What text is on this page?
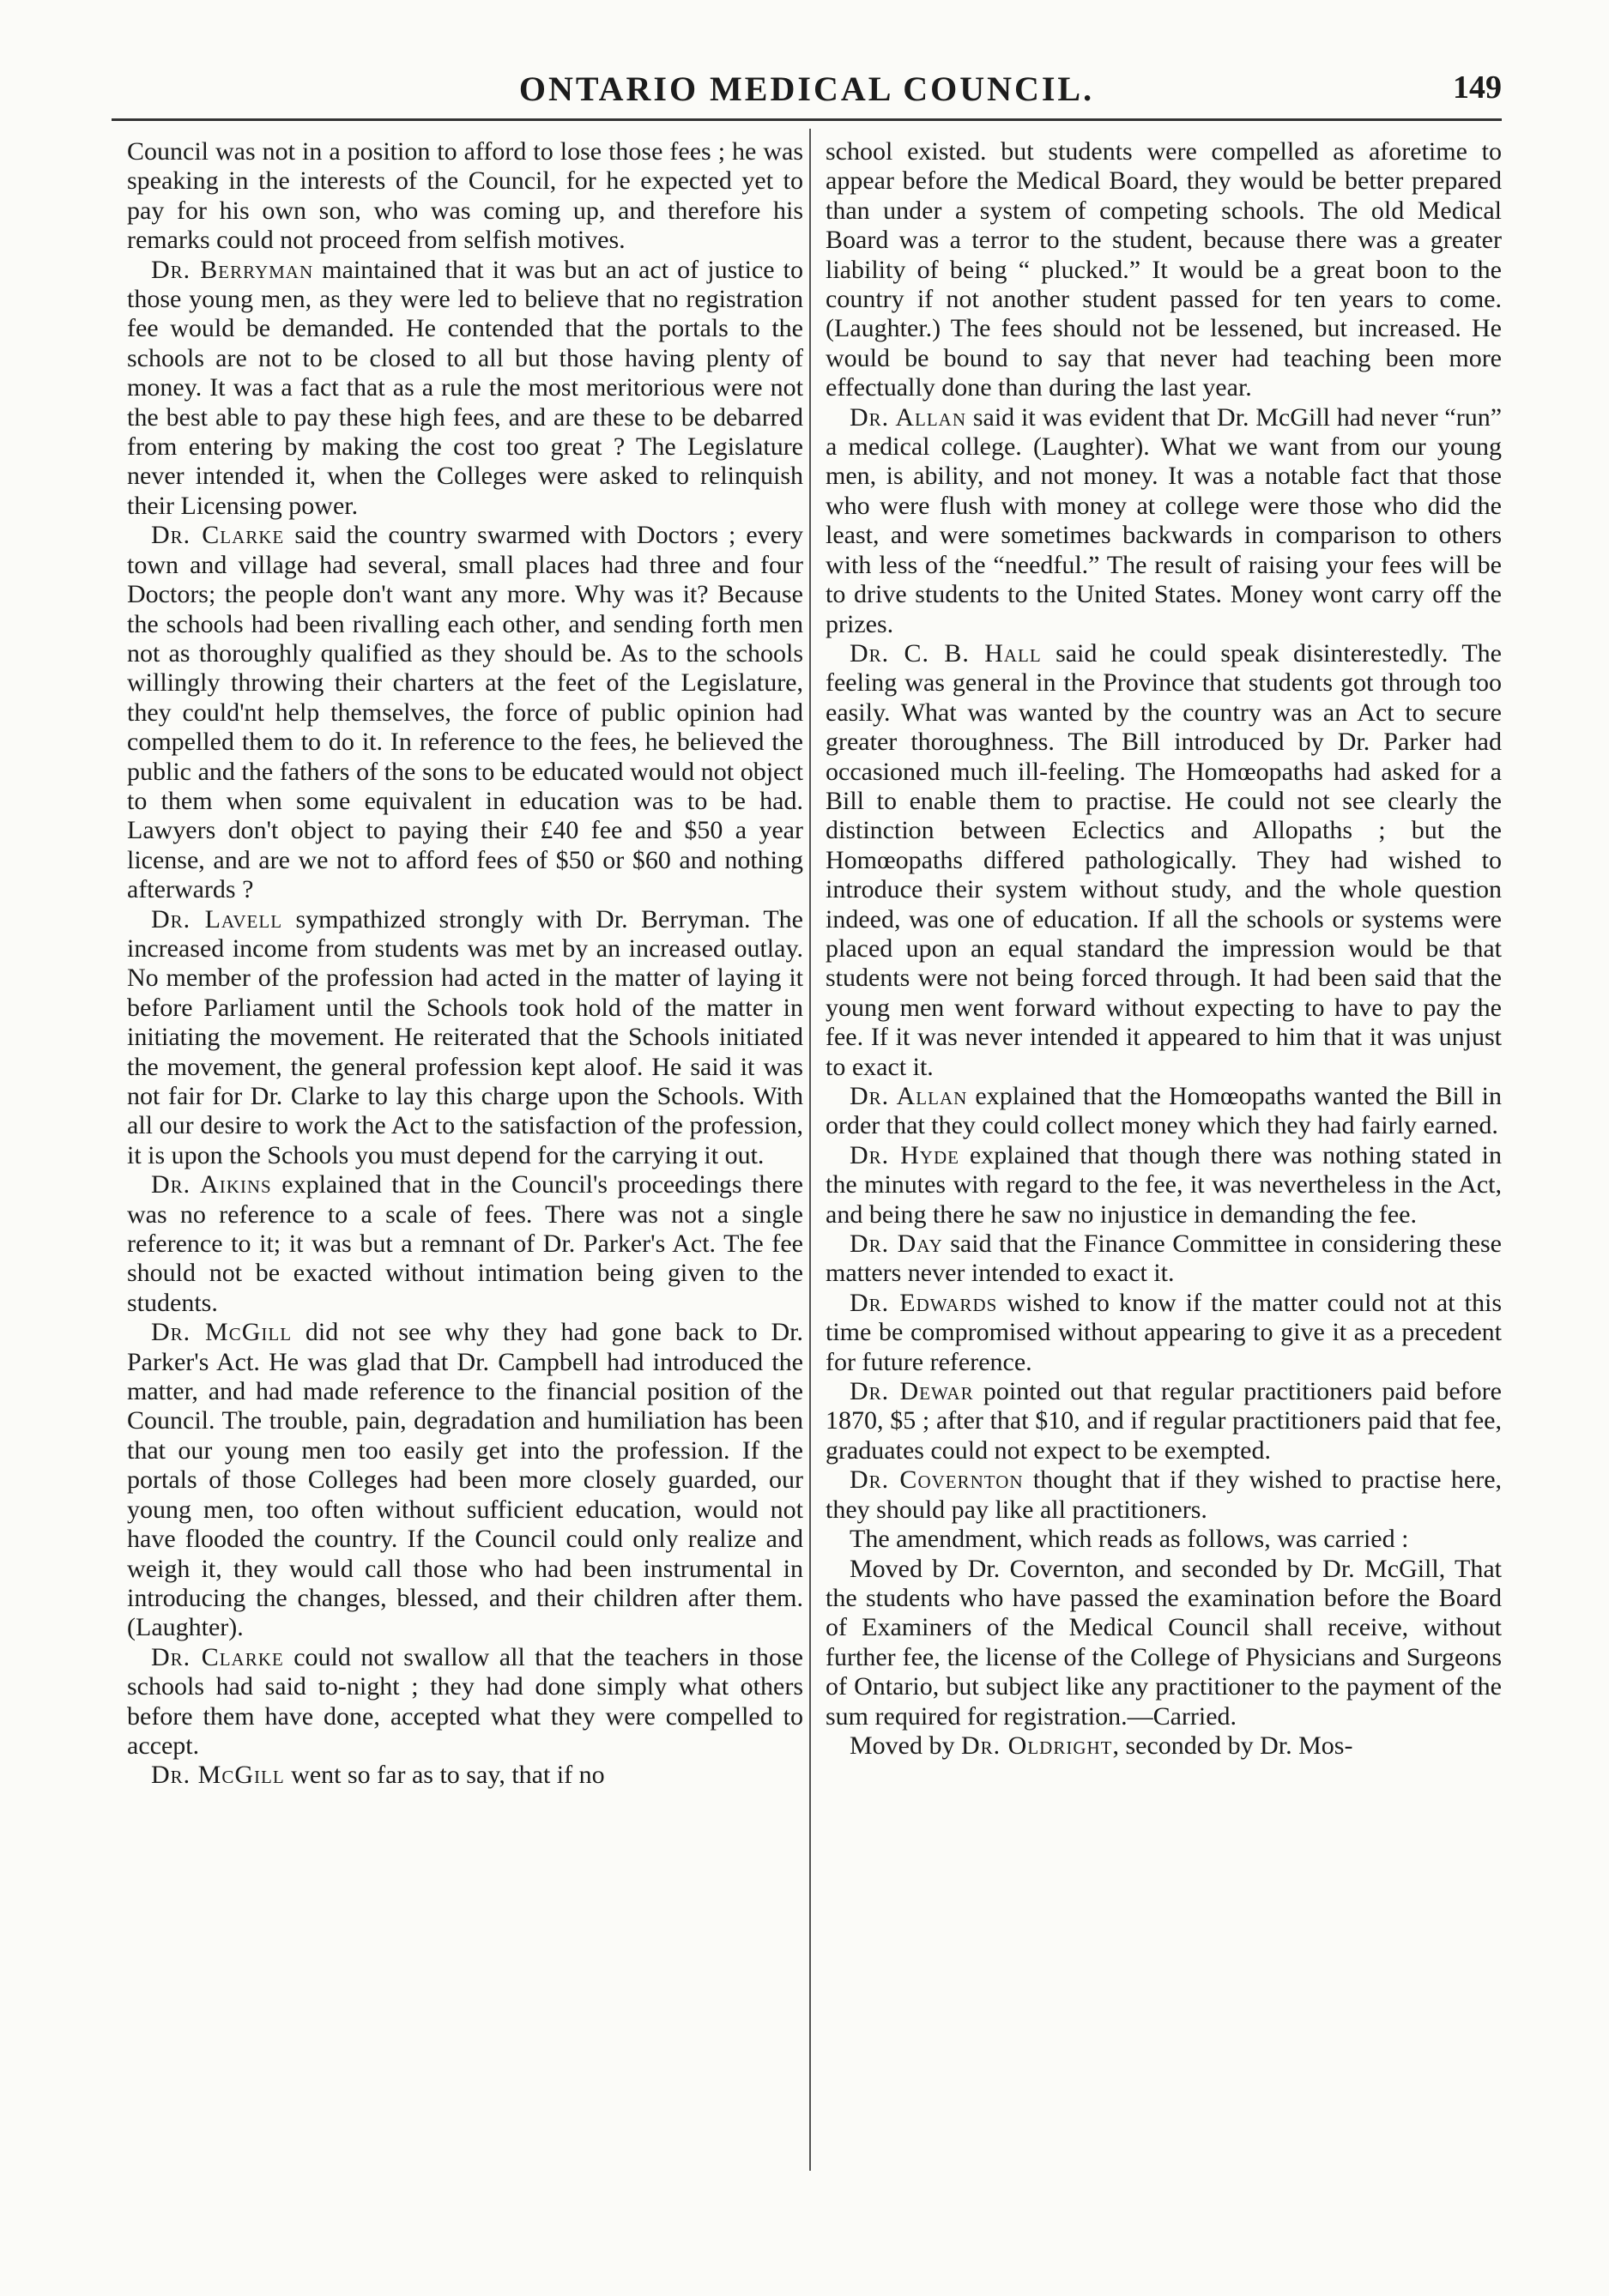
ONTARIO MEDICAL COUNCIL.	149

Council was not in a position to afford to lose those fees ; he was speaking in the interests of the Council, for he expected yet to pay for his own son, who was coming up, and therefore his remarks could not proceed from selfish motives.

Dr. Berryman maintained that it was but an act of justice to those young men, as they were led to believe that no registration fee would be demanded. He contended that the portals to the schools are not to be closed to all but those having plenty of money. It was a fact that as a rule the most meritorious were not the best able to pay these high fees, and are these to be debarred from entering by making the cost too great ? The Legislature never intended it, when the Colleges were asked to relinquish their Licensing power.

Dr. Clarke said the country swarmed with Doctors ; every town and village had several, small places had three and four Doctors; the people don't want any more. Why was it? Because the schools had been rivalling each other, and sending forth men not as thoroughly qualified as they should be. As to the schools willingly throwing their charters at the feet of the Legislature, they could'nt help themselves, the force of public opinion had compelled them to do it. In reference to the fees, he believed the public and the fathers of the sons to be educated would not object to them when some equivalent in education was to be had. Lawyers don't object to paying their £40 fee and $50 a year license, and are we not to afford fees of $50 or $60 and nothing afterwards ?

Dr. Lavell sympathized strongly with Dr. Berryman. The increased income from students was met by an increased outlay. No member of the profession had acted in the matter of laying it before Parliament until the Schools took hold of the matter in initiating the movement. He reiterated that the Schools initiated the movement, the general profession kept aloof. He said it was not fair for Dr. Clarke to lay this charge upon the Schools. With all our desire to work the Act to the satisfaction of the profession, it is upon the Schools you must depend for the carrying it out.

Dr. Aikins explained that in the Council's proceedings there was no reference to a scale of fees. There was not a single reference to it; it was but a remnant of Dr. Parker's Act. The fee should not be exacted without intimation being given to the students.

Dr. McGill did not see why they had gone back to Dr. Parker's Act. He was glad that Dr. Campbell had introduced the matter, and had made reference to the financial position of the Council. The trouble, pain, degradation and humiliation has been that our young men too easily get into the profession. If the portals of those Colleges had been more closely guarded, our young men, too often without sufficient education, would not have flooded the country. If the Council could only realize and weigh it, they would call those who had been instrumental in introducing the changes, blessed, and their children after them. (Laughter).

Dr. Clarke could not swallow all that the teachers in those schools had said to-night ; they had done simply what others before them have done, accepted what they were compelled to accept.

Dr. McGill went so far as to say, that if no

school existed. but students were compelled as aforetime to appear before the Medical Board, they would be better prepared than under a system of competing schools. The old Medical Board was a terror to the student, because there was a greater liability of being “ plucked.” It would be a great boon to the country if not another student passed for ten years to come. (Laughter.) The fees should not be lessened, but increased. He would be bound to say that never had teaching been more effectually done than during the last year.

Dr. Allan said it was evident that Dr. McGill had never “run” a medical college. (Laughter). What we want from our young men, is ability, and not money. It was a notable fact that those who were flush with money at college were those who did the least, and were sometimes backwards in comparison to others with less of the “needful.” The result of raising your fees will be to drive students to the United States. Money wont carry off the prizes.

Dr. C. B. Hall said he could speak disinterestedly. The feeling was general in the Province that students got through too easily. What was wanted by the country was an Act to secure greater thoroughness. The Bill introduced by Dr. Parker had occasioned much ill-feeling. The Homœopaths had asked for a Bill to enable them to practise. He could not see clearly the distinction between Eclectics and Allopaths ; but the Homœopaths differed pathologically. They had wished to introduce their system without study, and the whole question indeed, was one of education. If all the schools or systems were placed upon an equal standard the impression would be that students were not being forced through. It had been said that the young men went forward without expecting to have to pay the fee. If it was never intended it appeared to him that it was unjust to exact it.

Dr. Allan explained that the Homœopaths wanted the Bill in order that they could collect money which they had fairly earned.

Dr. Hyde explained that though there was nothing stated in the minutes with regard to the fee, it was nevertheless in the Act, and being there he saw no injustice in demanding the fee.

Dr. Day said that the Finance Committee in considering these matters never intended to exact it.

Dr. Edwards wished to know if the matter could not at this time be compromised without appearing to give it as a precedent for future reference.

Dr. Dewar pointed out that regular practitioners paid before 1870, $5 ; after that $10, and if regular practitioners paid that fee, graduates could not expect to be exempted.

Dr. Covernton thought that if they wished to practise here, they should pay like all practitioners.

The amendment, which reads as follows, was carried :

Moved by Dr. Covernton, and seconded by Dr. McGill, That the students who have passed the examination before the Board of Examiners of the Medical Council shall receive, without further fee, the license of the College of Physicians and Surgeons of Ontario, but subject like any practitioner to the payment of the sum required for registration.—Carried.

Moved by Dr. Oldright, seconded by Dr. Mos-
